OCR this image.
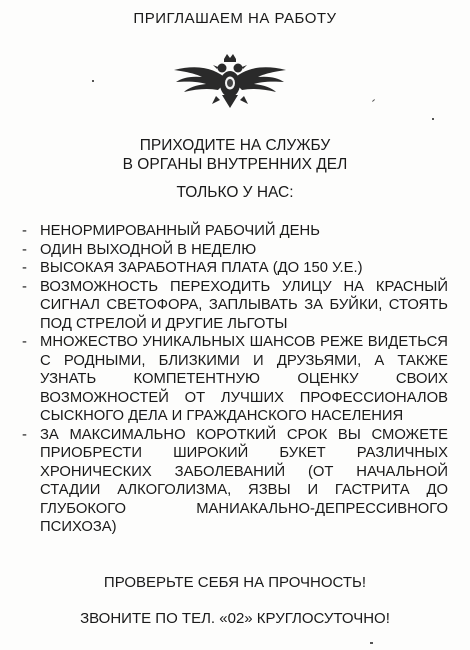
ПРИГЛАШАЕМ НА РАБОТУ
ПРИХОДИТЕ НА СЛУЖБУ
В ОРГАНЫ ВНУТРЕННИХ ДЕЛ
ТОЛЬКО У НАС:
- НЕНОРМИРОВАННЫЙ РАБОЧИЙ ДЕНЬ
- ОДИН ВЫХОДНОЙ В НЕДЕЛЮ
- ВЫСОКАЯ ЗАРАБОТНАЯ ПЛАТА (ДО 150 У.Е.)
- ВОЗМОЖНОСТЬ ПЕРЕХОДИТЬ УЛИЦУ НА КРАСНЫЙ СИГНАЛ СВЕТОФОРА, ЗАПЛЫВАТЬ ЗА БУЙКИ, СТОЯТЬ ПОД СТРЕЛОЙ И ДРУГИЕ ЛЬГОТЫ
- МНОЖЕСТВО УНИКАЛЬНЫХ ШАНСОВ РЕЖЕ ВИДЕТЬСЯ С РОДНЫМИ, БЛИЗКИМИ И ДРУЗЬЯМИ, А ТАКЖЕ УЗНАТЬ КОМПЕТЕНТНУЮ ОЦЕНКУ СВОИХ ВОЗМОЖНОСТЕЙ ОТ ЛУЧШИХ ПРОФЕССИОНАЛОВ СЫСКНОГО ДЕЛА И ГРАЖДАНСКОГО НАСЕЛЕНИЯ
- ЗА МАКСИМАЛЬНО КОРОТКИЙ СРОК ВЫ СМОЖЕТЕ ПРИОБРЕСТИ ШИРОКИЙ БУКЕТ РАЗЛИЧНЫХ ХРОНИЧЕСКИХ ЗАБОЛЕВАНИЙ (ОТ НАЧАЛЬНОЙ СТАДИИ АЛКОГОЛИЗМА, ЯЗВЫ И ГАСТРИТА ДО ГЛУБОКОГО МАНИАКАЛЬНО-ДЕПРЕССИВНОГО ПСИХОЗА)
ПРОВЕРЬТЕ СЕБЯ НА ПРОЧНОСТЬ!
ЗВОНИТЕ ПО ТЕЛ. «02» КРУГЛОСУТОЧНО!
